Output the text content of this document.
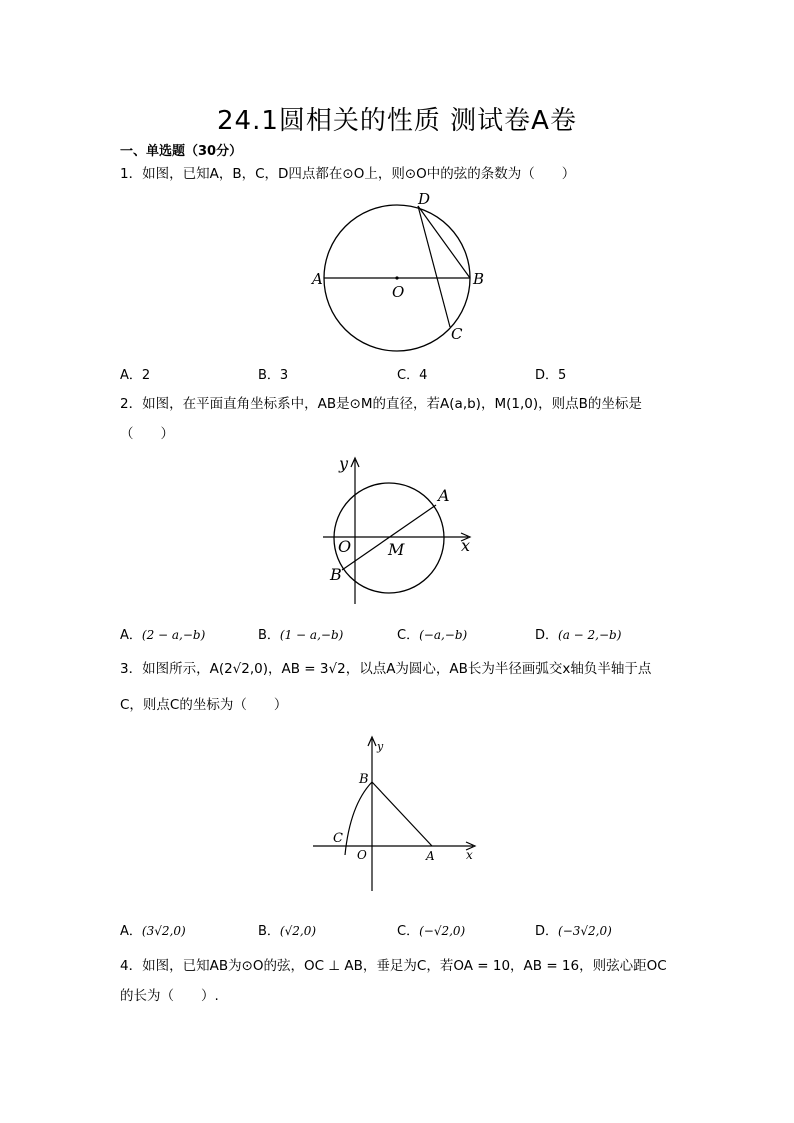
24.1圆相关的性质 测试卷A卷
一、单选题（30分）
1．如图，已知A，B，C，D四点都在⊙O上，则⊙O中的弦的条数为（　　）
D
A	B
O
C
A．2	B．3	C．4	D．5
2．如图，在平面直角坐标系中，AB是⊙M的直径，若A(a,b)，M(1,0)，则点B的坐标是
（　　）
y
x
A
O M
B
A．(2 − a,−b)	B．(1 − a,−b)	C．(−a,−b)	D．(a − 2,−b)
3．如图所示，A(2√2,0)，AB = 3√2，以点A为圆心，AB长为半径画弧交x轴负半轴于点
C，则点C的坐标为（　　）
y
x
B
C
O	A
A．(3√2,0)	B．(√2,0)	C．(−√2,0)	D．(−3√2,0)
4．如图，已知AB为⊙O的弦，OC ⊥ AB，垂足为C，若OA = 10，AB = 16，则弦心距OC
的长为（　　）.
